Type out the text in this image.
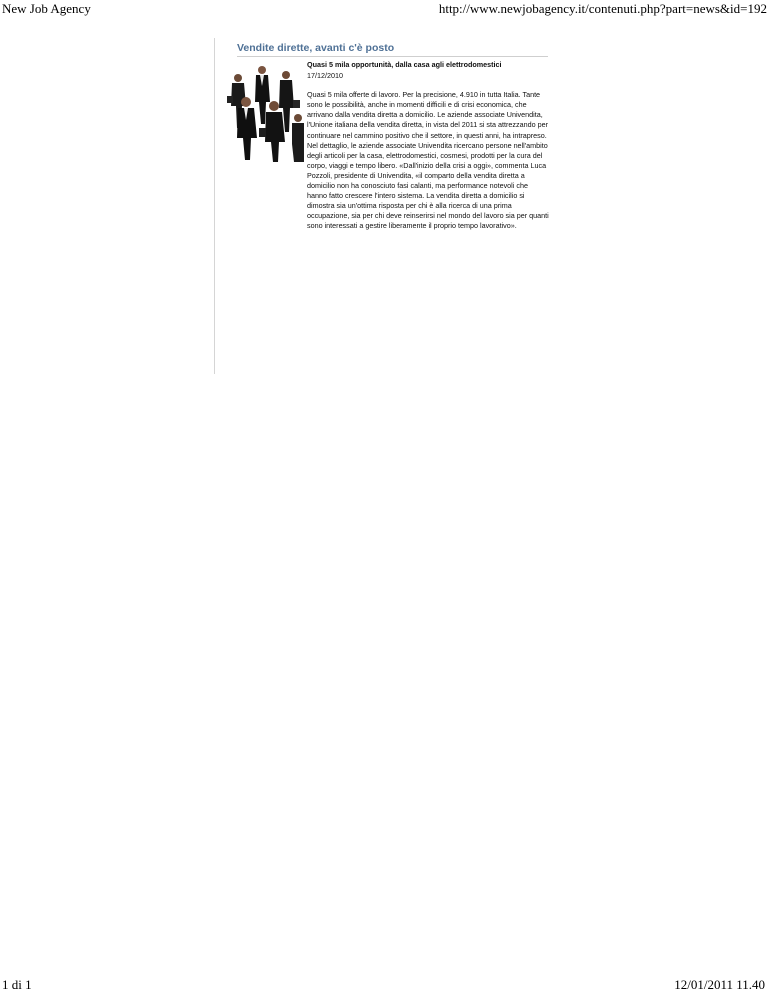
New Job Agency	http://www.newjobagency.it/contenuti.php?part=news&id=192
Vendite dirette, avanti c'è posto
Quasi 5 mila opportunità, dalla casa agli elettrodomestici
17/12/2010
Quasi 5 mila offerte di lavoro. Per la precisione, 4.910 in tutta Italia. Tante sono le possibilità, anche in momenti difficili e di crisi economica, che arrivano dalla vendita diretta a domicilio. Le aziende associate Univendita, l'Unione italiana della vendita diretta, in vista del 2011 si sta attrezzando per continuare nel cammino positivo che il settore, in questi anni, ha intrapreso. Nel dettaglio, le aziende associate Univendita ricercano persone nell'ambito degli articoli per la casa, elettrodomestici, cosmesi, prodotti per la cura del corpo, viaggi e tempo libero. «Dall'inizio della crisi a oggi», commenta Luca Pozzoli, presidente di Univendita, «il comparto della vendita diretta a domicilio non ha conosciuto fasi calanti, ma performance notevoli che hanno fatto crescere l'intero sistema. La vendita diretta a domicilio si dimostra sia un'ottima risposta per chi è alla ricerca di una prima occupazione, sia per chi deve reinserirsi nel mondo del lavoro sia per quanti sono interessati a gestire liberamente il proprio tempo lavorativo».
1 di 1	12/01/2011 11.40
